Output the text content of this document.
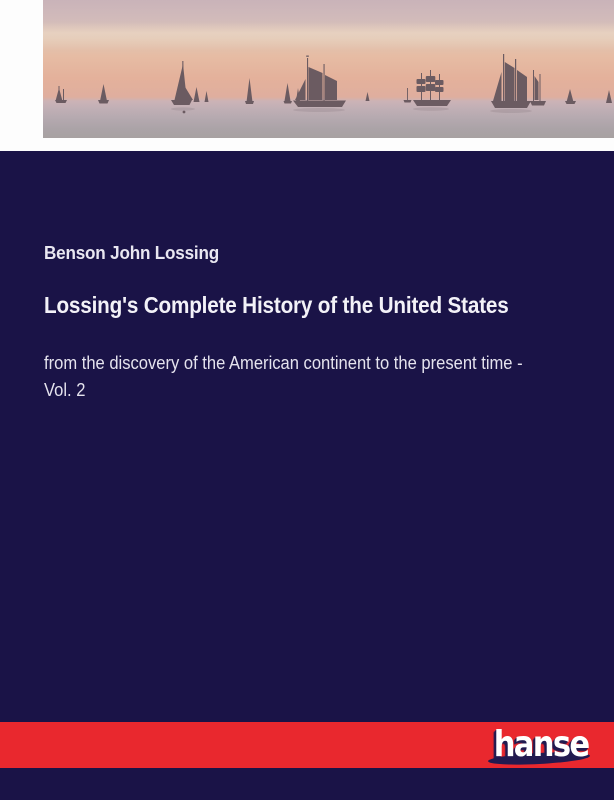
Benson John Lossing
Lossing's Complete History of the United States
from the discovery of the American continent to the present time -
Vol. 2
hanse
